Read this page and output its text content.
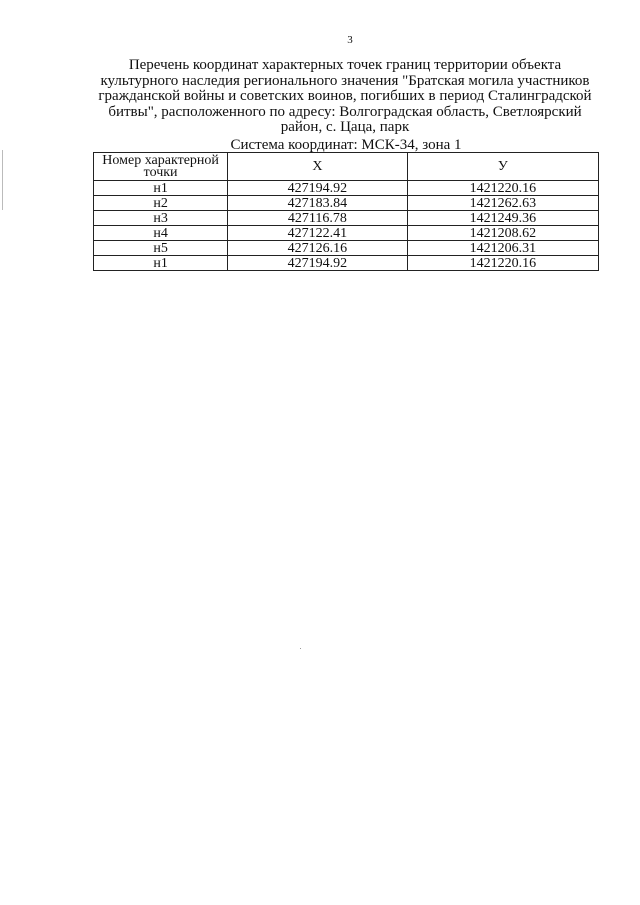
3
Перечень координат характерных точек границ территории объекта
культурного наследия регионального значения "Братская могила участников
гражданской войны и советских воинов, погибших в период Сталинградской
битвы", расположенного по адресу: Волгоградская область, Светлоярский
район, с. Цаца, парк
Система координат: МСК-34, зона 1
Номер характерной точки	X	У
н1	427194.92	1421220.16
н2	427183.84	1421262.63
н3	427116.78	1421249.36
н4	427122.41	1421208.62
н5	427126.16	1421206.31
н1	427194.92	1421220.16
